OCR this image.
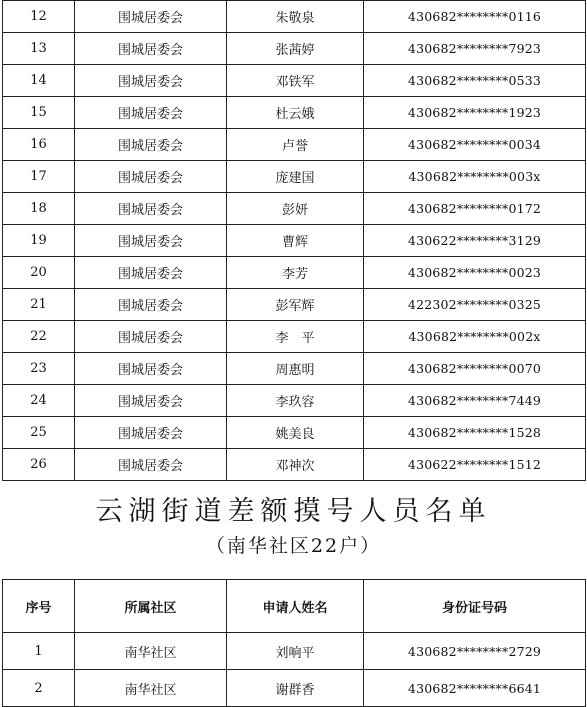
12	围城居委会	朱敬泉	430682********0116
13	围城居委会	张茜婷	430682********7923
14	围城居委会	邓铁军	430682********0533
15	围城居委会	杜云娥	430682********1923
16	围城居委会	卢誉	430682********0034
17	围城居委会	庞建国	430682********003x
18	围城居委会	彭妍	430682********0172
19	围城居委会	曹辉	430622********3129
20	围城居委会	李芳	430682********0023
21	围城居委会	彭军辉	422302********0325
22	围城居委会	李　平	430682********002x
23	围城居委会	周惠明	430682********0070
24	围城居委会	李玖容	430682********7449
25	围城居委会	姚美良	430682********1528
26	围城居委会	邓神次	430622********1512
云湖街道差额摸号人员名单
（南华社区22户）
序号	所属社区	申请人姓名	身份证号码
1	南华社区	刘响平	430682********2729
2	南华社区	谢群香	430682********6641
